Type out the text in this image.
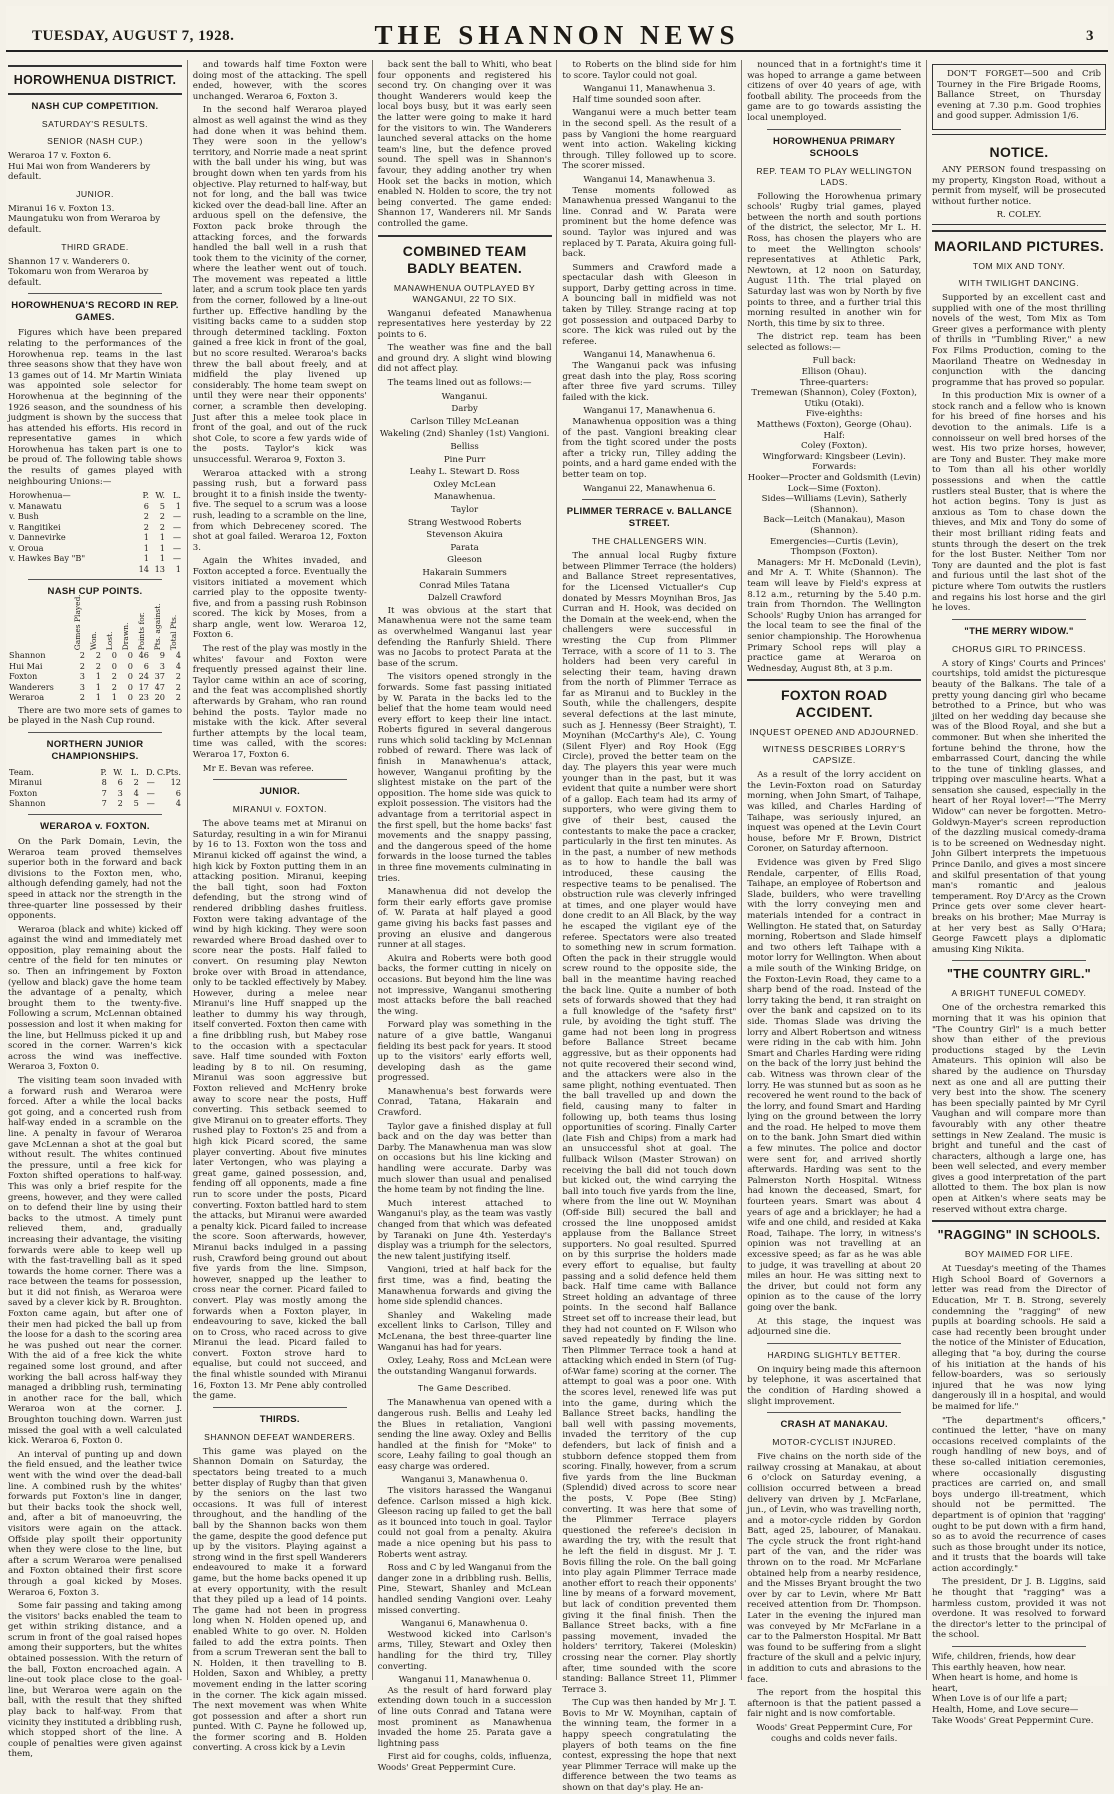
TUESDAY, AUGUST 7, 1928.	THE SHANNON NEWS	3
HOROWHENUA DISTRICT.
NASH CUP COMPETITION.
SATURDAY'S RESULTS.
SENIOR (NASH CUP.)
Weraroa 17 v. Foxton 6.
Hui Mai won from Wanderers by default.
JUNIOR.
Miranui 16 v. Foxton 13.
Maungatuku won from Weraroa by default.
THIRD GRADE.
Shannon 17 v. Wanderers 0.
Tokomaru won from Weraroa by default.
HOROWHENUA'S RECORD IN REP. GAMES.
Figures which have been prepared relating to the performances of the Horowhenua rep. teams in the last three seasons show that they have won 13 games out of 14. Mr Martin Winiata was appointed sole selector for Horowhenua at the beginning of the 1926 season, and the soundness of his judgment is shown by the success that has attended his efforts. His record in representative games in which Horowhenua has taken part is one to be proud of. The following table shows the results of games played with neighbouring Unions:—
Horowhenua—	P.	W.	L.
v. Manawatu	6	5	1
v. Bush	2	2	—
v. Rangitikei	2	2	—
v. Dannevirke	1	1	—
v. Oroua	1	1	—
v. Hawkes Bay "B"	1	1	—
	14	13	1
NASH CUP POINTS.
	Games Played.	Won.	Lost.	Drawn.	Points for.	Pts. against.	Total Pts.
Shannon	2	2	0	0	46	9	4
Hui Mai	2	2	0	0	6	3	4
Foxton	3	1	2	0	24	37	2
Wanderers	3	1	2	0	17	47	2
Weraroa	2	1	1	0	23	20	2
There are two more sets of games to be played in the Nash Cup round.
NORTHERN JUNIOR CHAMPIONSHIPS.
Team.	P.	W.	L.	D.	C.Pts.
Miranui	8	6	2	—	12
Foxton	7	3	4	—	6
Shannon	7	2	5	—	4
WERAROA v. FOXTON.
On the Park Domain, Levin, the Weraroa team proved themselves superior both in the forward and back divisions to the Foxton men, who, although defending gamely, had not the speed in attack nor the strength in the three-quarter line possessed by their opponents.
Weraroa (black and white) kicked off against the wind and immediately met opposition, play remaining about the centre of the field for ten minutes or so. Then an infringement by Foxton (yellow and black) gave the home team the advantage of a penalty, which brought them to the twenty-five. Following a scrum, McLennan obtained possession and lost it when making for the line, but Hellmuss picked it up and scored in the corner. Warren's kick across the wind was ineffective. Weraroa 3, Foxton 0.
The visiting team soon invaded with a forward rush and Weraroa were forced. After a while the local backs got going, and a concerted rush from half-way ended in a scramble on the line. A penalty in favour of Weraroa gave McLennan a shot at the goal but without result. The whites continued the pressure, until a free kick for Foxton shifted operations to half-way. This was only a brief respite for the greens, however, and they were called on to defend their line by using their backs to the utmost. A timely punt relieved them, and, gradually increasing their advantage, the visiting forwards were able to keep well up with the fast-travelling ball as it sped towards the home corner. There was a race between the teams for possession, but it did not finish, as Weraroa were saved by a clever kick by R. Broughton. Foxton came again, but after one of their men had picked the ball up from the loose for a dash to the scoring area he was pushed out near the corner. With the aid of a free kick the white regained some lost ground, and after working the ball across half-way they managed a dribbling rush, terminating in another race for the ball, which Weraroa won at the corner. J. Broughton touching down. Warren just missed the goal with a well calculated kick. Weraroa 6, Foxton 0.
An interval of punting up and down the field ensued, and the leather twice went with the wind over the dead-ball line. A combined rush by the whites' forwards put Foxton's line in danger, but their backs took the shock well, and, after a bit of manoeuvring, the visitors were again on the attack. Offside play spoilt their opportunity when they were close to the line, but after a scrum Weraroa were penalised and Foxton obtained their first score through a goal kicked by Moses. Weraroa 6, Foxton 3.
Some fair passing and taking among the visitors' backs enabled the team to get within striking distance, and a scrum in front of the goal raised hopes among their supporters, but the whites obtained possession. With the return of the ball, Foxton encroached again. A line-out took place close to the goal-line, but Weraroa were again on the ball, with the result that they shifted play back to half-way. From that vicinity they instituted a dribbling rush, which stopped short of the line. A couple of penalties were given against them,
and towards half time Foxton were doing most of the attacking. The spell ended, however, with the scores unchanged. Weraroa 6, Foxton 3.
In the second half Weraroa played almost as well against the wind as they had done when it was behind them. They were soon in the yellow's territory, and Norrie made a neat sprint with the ball under his wing, but was brought down when ten yards from his objective. Play returned to half-way, but not for long, and the ball was twice kicked over the dead-ball line. After an arduous spell on the defensive, the Foxton pack broke through the attacking forces, and the forwards handled the ball well in a rush that took them to the vicinity of the corner, where the leather went out of touch. The movement was repeated a little later, and a scrum took place ten yards from the corner, followed by a line-out further up. Effective handling by the visiting backs came to a sudden stop through determined tackling. Foxton gained a free kick in front of the goal, but no score resulted. Weraroa's backs threw the ball about freely, and at midfield the play livened up considerably. The home team swept on until they were near their opponents' corner, a scramble then developing. Just after this a melee took place in front of the goal, and out of the ruck shot Cole, to score a few yards wide of the posts. Taylor's kick was unsuccessful. Weraroa 9, Foxton 3.
Weraroa attacked with a strong passing rush, but a forward pass brought it to a finish inside the twenty-five. The sequel to a scrum was a loose rush, leading to a scramble on the line, from which Debreceney scored. The shot at goal failed. Weraroa 12, Foxton 3.
Again the Whites invaded, and Foxton accepted a force. Eventually the visitors initiated a movement which carried play to the opposite twenty-five, and from a passing rush Robinson scored. The kick by Moses, from a sharp angle, went low. Weraroa 12, Foxton 6.
The rest of the play was mostly in the whites' favour and Foxton were frequently pressed against their line. Taylor came within an ace of scoring, and the feat was accomplished shortly afterwards by Graham, who ran round behind the posts. Taylor made no mistake with the kick. After several further attempts by the local team, time was called, with the scores: Weraroa 17, Foxton 6.
Mr E. Bevan was referee.
JUNIOR.
MIRANUI v. FOXTON.
The above teams met at Miranui on Saturday, resulting in a win for Miranui by 16 to 13. Foxton won the toss and Miranui kicked off against the wind, a high kick by Foxton putting them in an attacking position. Miranui, keeping the ball tight, soon had Foxton defending, but the strong wind of rendered dribbling dashes fruitless. Foxton were taking advantage of the wind by high kicking. They were soon rewarded where Broad dashed over to score near the posts. Half failed to convert. On resuming play Newton broke over with Broad in attendance, only to be tackled effectively by Mabey. However, during a melee near Miranui's line Huff snapped up the leather to dummy his way through, itself converted. Foxton then came with a fine dribbling rush, but Mabey rose to the occasion with a spectacular save. Half time sounded with Foxton leading by 8 to nil. On resuming, Miranui was soon aggressive but Foxton relieved and McHenry broke away to score near the posts, Huff converting. This setback seemed to give Miranui on to greater efforts. They rushed play to Foxton's 25 and from a high kick Picard scored, the same player converting. About five minutes later Vertongen, who was playing a great game, gained possession, and, fending off all opponents, made a fine run to score under the posts, Picard converting. Foxton battled hard to stem the attacks, but Miranui were awarded a penalty kick. Picard failed to increase the score. Soon afterwards, however, Miranui backs indulged in a passing rush, Crawford being ground out about five yards from the line. Simpson, however, snapped up the leather to cross near the corner. Picard failed to convert. Play was mostly among the forwards when a Foxton player, in endeavouring to save, kicked the ball on to Cross, who raced across to give Miranui the lead. Picard failed to convert. Foxton strove hard to equalise, but could not succeed, and the final whistle sounded with Miranui 16, Foxton 13. Mr Pene ably controlled the game.
THIRDS.
SHANNON DEFEAT WANDERERS.
This game was played on the Shannon Domain on Saturday, the spectators being treated to a much better display of Rugby than that given by the seniors on the last two occasions. It was full of interest throughout, and the handling of the ball by the Shannon backs won them the game, despite the good defence put up by the visitors. Playing against a strong wind in the first spell Wanderers endeavoured to make it a forward game, but the home backs opened it up at every opportunity, with the result that they piled up a lead of 14 points. The game had not been in progress long when N. Holden opened up, and enabled White to go over. N. Holden failed to add the extra points. Then from a scrum Treweran sent the ball to N. Holden, it then travelling to B. Holden, Saxon and Whibley, a pretty movement ending in the latter scoring in the corner. The kick again missed. The next movement was when White got possession and after a short run punted. With C. Payne he followed up, the former scoring and B. Holden converting. A cross kick by a Levin
back sent the ball to Whiti, who beat four opponents and registered his second try. On changing over it was thought Wanderers would keep the local boys busy, but it was early seen the latter were going to make it hard for the visitors to win. The Wanderers launched several attacks on the home team's line, but the defence proved sound. The spell was in Shannon's favour, they adding another try when Hook set the backs in motion, which enabled N. Holden to score, the try not being converted. The game ended: Shannon 17, Wanderers nil. Mr Sands controlled the game.
COMBINED TEAM BADLY BEATEN.
MANAWHENUA OUTPLAYED BY WANGANUI, 22 TO SIX.
Wanganui defeated Manawhenua representatives here yesterday by 22 points to 6.
The weather was fine and the ball and ground dry. A slight wind blowing did not affect play.
The teams lined out as follows:—
Wanganui.
Darby
Carlson Tilley McLeanan
Wakeling (2nd) Shanley (1st) Vangioni.
Belliss
Pine Purr
Leahy L. Stewart D. Ross
Oxley McLean
Manawhenua.
Taylor
Strang Westwood Roberts
Stevenson Akuira
Parata
Gleeson
Hakarain Summers
Conrad Miles Tatana
Dalzell Crawford
It was obvious at the start that Manawhenua were not the same team as overwhelmed Wanganui last year defending the Ranfurly Shield. There was no Jacobs to protect Parata at the base of the scrum.
The visitors opened strongly in the forwards. Some fast passing initiated by W. Parata in the backs led to the belief that the home team would need every effort to keep their line intact. Roberts figured in several dangerous runs which solid tackling by McLennan robbed of reward. There was lack of finish in Manawhenua's attack, however, Wanganui profiting by the slightest mistake on the part of the opposition. The home side was quick to exploit possession. The visitors had the advantage from a territorial aspect in the first spell, but the home backs' fast movements and the snappy passing, and the dangerous speed of the home forwards in the loose turned the tables in three fine movements culminating in tries.
Manawhenua did not develop the form their early efforts gave promise of. W. Parata at half played a good game giving his backs fast passes and proving an elusive and dangerous runner at all stages.
Akuira and Roberts were both good backs, the former cutting in nicely on occasions. But beyond him the line was not impressive, Wanganui smothering most attacks before the ball reached the wing.
Forward play was something in the nature of a give battle, Wanganui fielding its best pack for years. It stood up to the visitors' early efforts well, developing dash as the game progressed.
Manawhenua's best forwards were Conrad, Tatana, Hakarain and Crawford.
Taylor gave a finished display at full back and on the day was better than Darby. The Manawhenua man was slow on occasions but his line kicking and handling were accurate. Darby was much slower than usual and penalised the home team by not finding the line.
Much interest attached to Wanganui's play, as the team was vastly changed from that which was defeated by Taranaki on June 4th. Yesterday's display was a triumph for the selectors, the new talent justifying itself.
Vangioni, tried at half back for the first time, was a find, beating the Manawhenua forwards and giving the home side splendid chances.
Shanley and Wakeling made excellent links to Carlson, Tilley and McLenana, the best three-quarter line Wanganui has had for years.
Oxley, Leahy, Ross and McLean were the outstanding Wanganui forwards.
The Game Described.
The Manawhenua van opened with a dangerous rush. Bellis and Leahy led the Blues in retaliation, Vangioni sending the line away. Oxley and Bellis handled at the finish for "Moke" to score, Leahy failing to goal though an easy charge was ordered.
Wanganui 3, Manawhenua 0.
The visitors harassed the Wanganui defence. Carlson missed a high kick. Gleeson racing up failed to get the ball as it bounced into touch in goal. Taylor could not goal from a penalty. Akuira made a nice opening but his pass to Roberts went astray.
Ross and C by led Wanganui from the danger zone in a dribbling rush. Bellis, Pine, Stewart, Shanley and McLean handled sending Vangioni over. Leahy missed converting.
Wanganui 6, Manawhenua 0.
Westwood kicked into Carlson's arms, Tilley, Stewart and Oxley then handling for the third try, Tilley converting.
Wanganui 11, Manawhenua 0.
As the result of hard forward play extending down touch in a succession of line outs Conrad and Tatana were most prominent as Manawhenua invaded the home 25. Parata gave a lightning pass
First aid for coughs, colds, influenza, Woods' Great Peppermint Cure.
to Roberts on the blind side for him to score. Taylor could not goal.
Wanganui 11, Manawhenua 3.
Half time sounded soon after.
Wanganui were a much better team in the second spell. As the result of a pass by Vangioni the home rearguard went into action. Wakeling kicking through. Tilley followed up to score. The scorer missed.
Wanganui 14, Manawhenua 3.
Tense moments followed as Manawhenua pressed Wanganui to the line. Conrad and W. Parata were prominent but the home defence was sound. Taylor was injured and was replaced by T. Parata, Akuira going full-back.
Summers and Crawford made a spectacular dash with Gleeson in support, Darby getting across in time. A bouncing ball in midfield was not taken by Tilley. Strange racing at top got possession and outpaced Darby to score. The kick was ruled out by the referee.
Wanganui 14, Manawhenua 6.
The Wanganui pack was infusing great dash into the play, Ross scoring after three five yard scrums. Tilley failed with the kick.
Wanganui 17, Manawhenua 6.
Manawhenua opposition was a thing of the past. Vangioni breaking clear from the tight scored under the posts after a tricky run, Tilley adding the points, and a hard game ended with the better team on top.
Wanganui 22, Manawhenua 6.
PLIMMER TERRACE v. BALLANCE STREET.
THE CHALLENGERS WIN.
The annual local Rugby fixture between Plimmer Terrace (the holders) and Ballance Street representatives, for the Licensed Victualler's Cup donated by Messrs Moynihan Bros, Jas Curran and H. Hook, was decided on the Domain at the week-end, when the challengers were successful in wresting the Cup from Plimmer Terrace, with a score of 11 to 3. The holders had been very careful in selecting their team, having drawn from the north of Plimmer Terrace as far as Miranui and to Buckley in the South, while the challengers, despite several defections at the last minute, such as J. Hennessy (Beer Straight), T. Moynihan (McCarthy's Ale), C. Young (Silent Flyer) and Roy Hook (Egg Circle), proved the better team on the day. The players this year were much younger than in the past, but it was evident that quite a number were short of a gallop. Each team had its army of supporters, who were giving them to give of their best, caused the contestants to make the pace a cracker, particularly in the first ten minutes. As in the past, a number of new methods as to how to handle the ball was introduced, these causing the respective teams to be penalised. The obstruction rule was cleverly infringed at times, and one player would have done credit to an All Black, by the way he escaped the vigilant eye of the referee. Spectators were also treated to something new in scrum formation. Often the pack in their struggle would screw round to the opposite side, the ball in the meantime having reached the back line. Quite a number of both sets of forwards showed that they had a full knowledge of the "safety first" rule, by avoiding the tight stuff. The game had not been long in progress before Ballance Street became aggressive, but as their opponents had not quite recovered their second wind, and the attackers were also in the same plight, nothing eventuated. Then the ball travelled up and down the field, causing many to falter in following up, both teams thus losing opportunities of scoring. Finally Carter (late Fish and Chips) from a mark had an unsuccessful shot at goal. The fullback Wilson (Master Strowan) on receiving the ball did not touch down but kicked out, the wind carrying the ball into touch five yards from the line, where from the line out W. Moynihan (Off-side Bill) secured the ball and crossed the line unopposed amidst applause from the Ballance Street supporters. No goal resulted. Spurred on by this surprise the holders made every effort to equalise, but faulty passing and a solid defence held them back. Half time came with Ballance Street holding an advantage of three points. In the second half Ballance Street set off to increase their lead, but they had not counted on F. Wilson who saved repeatedly by finding the line. Then Plimmer Terrace took a hand at attacking which ended in Stern (of Tug-of-War fame) scoring at the corner. The attempt to goal was a poor one. With the scores level, renewed life was put into the game, during which the Ballance Street backs, handling the ball well with passing movements, invaded the territory of the cup defenders, but lack of finish and a stubborn defence stopped them from scoring. Finally, however, from a scrum five yards from the line Buckman (Splendid) dived across to score near the posts, V. Pope (Bee Sting) converting. It was here that some of the Plimmer Terrace players questioned the referee's decision in awarding the try, with the result that he left the field in disgust. Mr J. T. Bovis filling the role. On the ball going into play again Plimmer Terrace made another effort to reach their opponents' line by means of a forward movement, but lack of condition prevented them giving it the final finish. Then the Ballance Street backs, with a fine passing movement, invaded the holders' territory, Takerei (Moleskin) crossing near the corner. Play shortly after, time sounded with the score standing: Ballance Street 11, Plimmer Terrace 3.
The Cup was then handed by Mr J. T. Bovis to Mr W. Moynihan, captain of the winning team, the former in a happy speech congratulating the players of both teams on the fine contest, expressing the hope that next year Plimmer Terrace will make up the difference between the two teams as shown on that day's play. He an-
nounced that in a fortnight's time it was hoped to arrange a game between citizens of over 40 years of age, with football ability. The proceeds from the game are to go towards assisting the local unemployed.
HOROWHENUA PRIMARY SCHOOLS
REP. TEAM TO PLAY WELLINGTON LADS.
Following the Horowhenua primary schools' Rugby trial games, played between the north and south portions of the district, the selector, Mr L. H. Ross, has chosen the players who are to meet the Wellington schools' representatives at Athletic Park, Newtown, at 12 noon on Saturday, August 11th. The trial played on Saturday last was won by North by five points to three, and a further trial this morning resulted in another win for North, this time by six to three.
The district rep. team has been selected as follows:—
Full back:
Ellison (Ohau).
Three-quarters:
Tremewan (Shannon), Coley (Foxton), Utiku (Otaki).
Five-eighths:
Matthews (Foxton), George (Ohau).
Half:
Coley (Foxton).
Wingforward: Kingsbeer (Levin).
Forwards:
Hooker—Procter and Goldsmith (Levin)
Lock—Sime (Foxton).
Sides—Williams (Levin), Satherly (Shannon).
Back—Leitch (Manakau), Mason (Shannon).
Emergencies—Curtis (Levin), Thompson (Foxton).
Managers: Mr H. McDonald (Levin), and Mr A. T. White (Shannon). The team will leave by Field's express at 8.12 a.m., returning by the 5.40 p.m. train from Thorndon. The Wellington Schools' Rugby Union has arranged for the local team to see the final of the senior championship. The Horowhenua Primary School reps will play a practice game at Weraroa on Wednesday, August 8th, at 3 p.m.
FOXTON ROAD ACCIDENT.
INQUEST OPENED AND ADJOURNED.
WITNESS DESCRIBES LORRY'S CAPSIZE.
As a result of the lorry accident on the Levin-Foxton road on Saturday morning, when John Smart, of Taihape, was killed, and Charles Harding of Taihape, was seriously injured, an inquest was opened at the Levin Court house, before Mr F. Brown, District Coroner, on Saturday afternoon.
Evidence was given by Fred Sligo Rendale, carpenter, of Ellis Road, Taihape, an employee of Robertson and Slade, builders, who were travelling with the lorry conveying men and materials intended for a contract in Wellington. He stated that, on Saturday morning, Robertson and Slade himself and two others left Taihape with a motor lorry for Wellington. When about a mile south of the Winking Bridge, on the Foxton-Levin Road, they came to a sharp bend of the road. Instead of the lorry taking the bend, it ran straight on over the bank and capsized on to its side. Thomas Slade was driving the lorry and Albert Robertson and witness were riding in the cab with him. John Smart and Charles Harding were riding on the back of the lorry just behind the cab. Witness was thrown clear of the lorry. He was stunned but as soon as he recovered he went round to the back of the lorry, and found Smart and Harding lying on the ground between the lorry and the road. He helped to move them on to the bank. John Smart died within a few minutes. The police and doctor were sent for, and arrived shortly afterwards. Harding was sent to the Palmerston North Hospital. Witness had known the deceased, Smart, for fourteen years. Smart was about 4 years of age and a bricklayer; he had a wife and one child, and resided at Kaka Road, Taihape. The lorry, in witness's opinion was not travelling at an excessive speed; as far as he was able to judge, it was travelling at about 20 miles an hour. He was sitting next to the driver, but could not form any opinion as to the cause of the lorry going over the bank.
At this stage, the inquest was adjourned sine die.
HARDING SLIGHTLY BETTER.
On inquiry being made this afternoon by telephone, it was ascertained that the condition of Harding showed a slight improvement.
CRASH AT MANAKAU.
MOTOR-CYCLIST INJURED.
Five chains on the north side of the railway crossing at Manakau, at about 6 o'clock on Saturday evening, a collision occurred between a bread delivery van driven by J. McFarlane, jun., of Levin, who was travelling north, and a motor-cycle ridden by Gordon Batt, aged 25, labourer, of Manakau. The cycle struck the front right-hand part of the van, and the rider was thrown on to the road. Mr McFarlane obtained help from a nearby residence, and the Misses Bryant brought the two over by car to Levin, where Mr Batt received attention from Dr. Thompson. Later in the evening the injured man was conveyed by Mr McFarlane in a car to the Palmerston Hospital. Mr Batt was found to be suffering from a slight fracture of the skull and a pelvic injury, in addition to cuts and abrasions to the face.
The report from the hospital this afternoon is that the patient passed a fair night and is now comfortable.
Woods' Great Peppermint Cure, For coughs and colds never fails.
DON'T FORGET—500 and Crib Tourney in the Fire Brigade Rooms, Ballance Street, on Thursday evening at 7.30 p.m. Good trophies and good supper. Admission 1/6.
NOTICE.
ANY PERSON found trespassing on my property, Kingston Road, without a permit from myself, will be prosecuted without further notice.
R. COLEY.
MAORILAND PICTURES.
TOM MIX AND TONY.
WITH TWILIGHT DANCING.
Supported by an excellent cast and supplied with one of the most thrilling novels of the west, Tom Mix as Tom Greer gives a performance with plenty of thrills in "Tumbling River," a new Fox Films Production, coming to the Maoriland Theatre on Wednesday in conjunction with the dancing programme that has proved so popular.
In this production Mix is owner of a stock ranch and a fellow who is known for his breed of fine horses and his devotion to the animals. Life is a connoisseur on well bred horses of the west. His two prize horses, however, are Tony and Buster. They make more to Tom than all his other worldly possessions and when the cattle rustlers steal Buster, that is where the hot action begins. Tony is just as anxious as Tom to chase down the thieves, and Mix and Tony do some of their most brilliant riding feats and stunts through the desert on the trek for the lost Buster. Neither Tom nor Tony are daunted and the plot is fast and furious until the last shot of the picture where Tom outwits the rustlers and regains his lost horse and the girl he loves.
"THE MERRY WIDOW."
CHORUS GIRL TO PRINCESS.
A story of Kings' Courts and Princes' courtships, told amidst the picturesque beauty of the Balkans. The tale of a pretty young dancing girl who became betrothed to a Prince, but who was jilted on her wedding day because she was of the Blood Royal, and she but a commoner. But when she inherited the fortune behind the throne, how the embarrassed Court, dancing the while to the tune of tinkling glasses, and tripping over masculine hearts. What a sensation she caused, especially in the heart of her Royal lover!—"The Merry Widow" can never be forgotten. Metro-Goldwyn-Mayer's screen reproduction of the dazzling musical comedy-drama is to be screened on Wednesday night. John Gilbert interprets the impetuous Prince Danilo, and gives a most sincere and skilful presentation of that young man's romantic and jealous temperament. Roy D'Arcy as the Crown Prince gets over some clever heart-breaks on his brother; Mae Murray is at her very best as Sally O'Hara; George Fawcett plays a diplomatic amusing King Nikita.
"THE COUNTRY GIRL."
A BRIGHT TUNEFUL COMEDY.
One of the orchestra remarked this morning that it was his opinion that "The Country Girl" is a much better show than either of the previous productions staged by the Levin Amateurs. This opinion will also be shared by the audience on Thursday next as one and all are putting their very best into the show. The scenery has been specially painted by Mr Cyril Vaughan and will compare more than favourably with any other theatre settings in New Zealand. The music is bright and tuneful and the cast of characters, although a large one, has been well selected, and every member gives a good interpretation of the part allotted to them. The box plan is now open at Aitken's where seats may be reserved without extra charge.
"RAGGING" IN SCHOOLS.
BOY MAIMED FOR LIFE.
At Tuesday's meeting of the Thames High School Board of Governors a letter was read from the Director of Education, Mr T. B. Strong, severely condemning the "ragging" of new pupils at boarding schools. He said a case had recently been brought under the notice of the Minister of Education, alleging that "a boy, during the course of his initiation at the hands of his fellow-boarders, was so seriously injured that he was now lying dangerously ill in a hospital, and would be maimed for life."
"The department's officers," continued the letter, "have on many occasions received complaints of the rough handling of new boys, and of these so-called initiation ceremonies, where occasionally disgusting practices are carried on, and small boys undergo ill-treatment, which should not be permitted. The department is of opinion that 'ragging' ought to be put down with a firm hand, so as to avoid the recurrence of cases such as those brought under its notice, and it trusts that the boards will take action accordingly."
The president, Dr J. B. Liggins, said he thought that "ragging" was a harmless custom, provided it was not overdone. It was resolved to forward the director's letter to the principal of the school.
Wife, children, friends, how dear
This earthly heaven, how near.
When heart is home, and home is heart,
When Love is of our life a part;
Health, Home, and Love secure—
Take Woods' Great Peppermint Cure.
